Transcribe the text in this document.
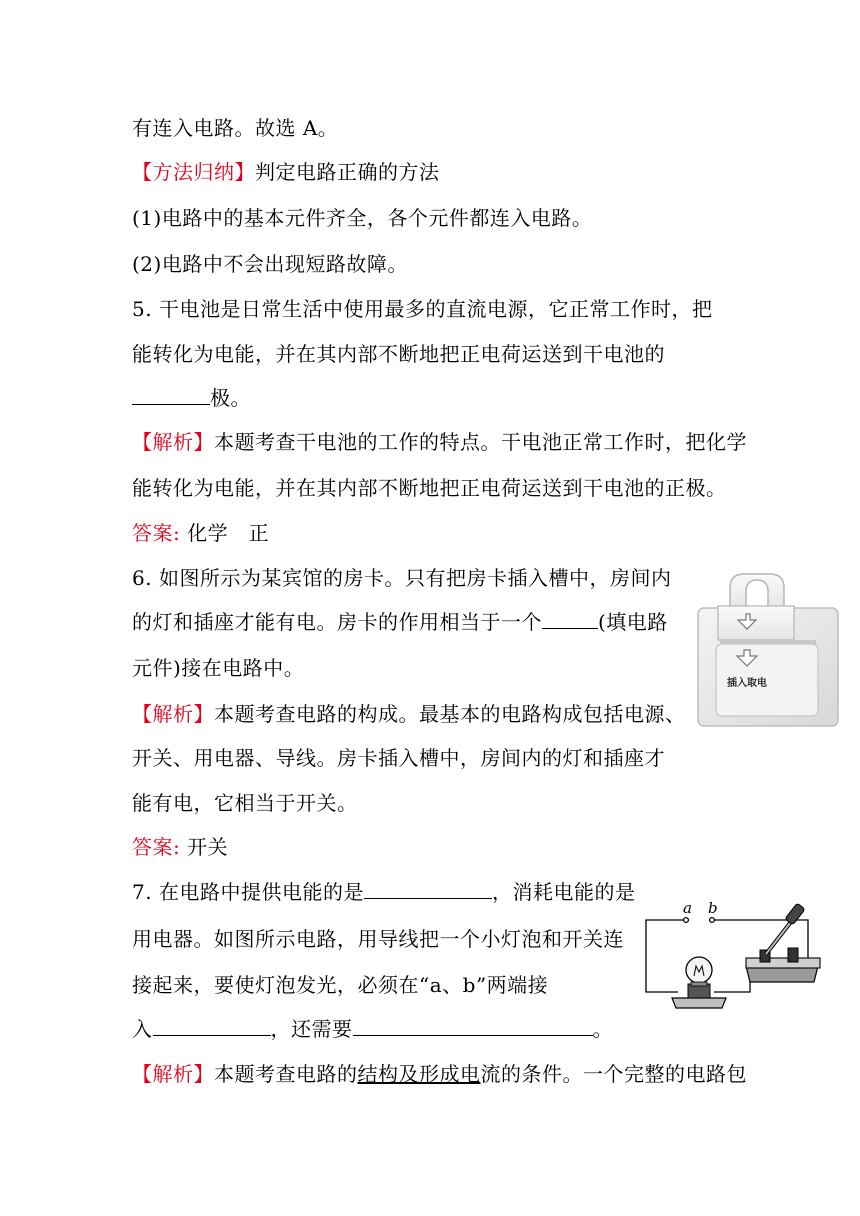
有连入电路。故选 A。
【方法归纳】判定电路正确的方法
(1)电路中的基本元件齐全，各个元件都连入电路。
(2)电路中不会出现短路故障。
5. 干电池是日常生活中使用最多的直流电源，它正常工作时，把
能转化为电能，并在其内部不断地把正电荷运送到干电池的
极。
【解析】本题考查干电池的工作的特点。干电池正常工作时，把化学
能转化为电能，并在其内部不断地把正电荷运送到干电池的正极。
答案: 化学　正
6. 如图所示为某宾馆的房卡。只有把房卡插入槽中，房间内
的灯和插座才能有电。房卡的作用相当于一个	(填电路
元件)接在电路中。
【解析】本题考查电路的构成。最基本的电路构成包括电源、
开关、用电器、导线。房卡插入槽中，房间内的灯和插座才
能有电，它相当于开关。
答案: 开关
7. 在电路中提供电能的是	，消耗电能的是
用电器。如图所示电路，用导线把一个小灯泡和开关连
接起来，要使灯泡发光，必须在“a、b”两端接
入	，还需要	。
【解析】本题考查电路的结构及形成电流的条件。一个完整的电路包
插入取电
a b
